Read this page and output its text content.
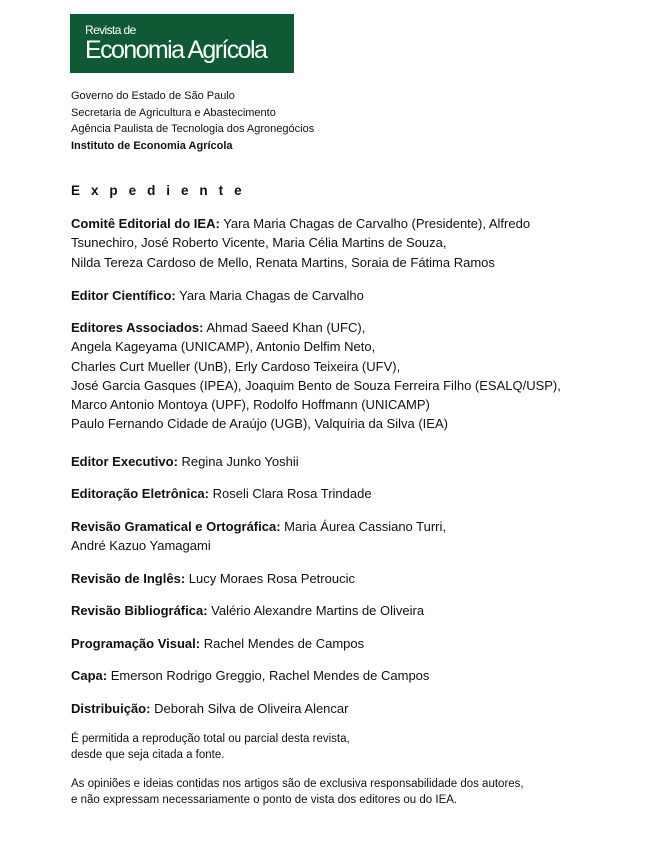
Revista de
Economia Agrícola
Governo do Estado de São Paulo
Secretaria de Agricultura e Abastecimento
Agência Paulista de Tecnologia dos Agronegócios
Instituto de Economia Agrícola
E x p e d i e n t e

Comitê Editorial do IEA: Yara Maria Chagas de Carvalho (Presidente), Alfredo
Tsunechiro, José Roberto Vicente, Maria Célia Martins de Souza,
Nilda Tereza Cardoso de Mello, Renata Martins, Soraia de Fátima Ramos

Editor Científico: Yara Maria Chagas de Carvalho

Editores Associados: Ahmad Saeed Khan (UFC),
Angela Kageyama (UNICAMP), Antonio Delfim Neto,
Charles Curt Mueller (UnB), Erly Cardoso Teixeira (UFV),
José Garcia Gasques (IPEA), Joaquim Bento de Souza Ferreira Filho (ESALQ/USP),
Marco Antonio Montoya (UPF), Rodolfo Hoffmann (UNICAMP)
Paulo Fernando Cidade de Araújo (UGB), Valquíria da Silva (IEA)

Editor Executivo: Regina Junko Yoshii

Editoração Eletrônica: Roseli Clara Rosa Trindade

Revisão Gramatical e Ortográfica: Maria Áurea Cassiano Turri,
André Kazuo Yamagami

Revisão de Inglês: Lucy Moraes Rosa Petroucic

Revisão Bibliográfica: Valério Alexandre Martins de Oliveira

Programação Visual: Rachel Mendes de Campos

Capa: Emerson Rodrigo Greggio, Rachel Mendes de Campos

Distribuição: Deborah Silva de Oliveira Alencar

É permitida a reprodução total ou parcial desta revista,
desde que seja citada a fonte.
As opiniões e ideias contidas nos artigos são de exclusiva responsabilidade dos autores,
e não expressam necessariamente o ponto de vista dos editores ou do IEA.
